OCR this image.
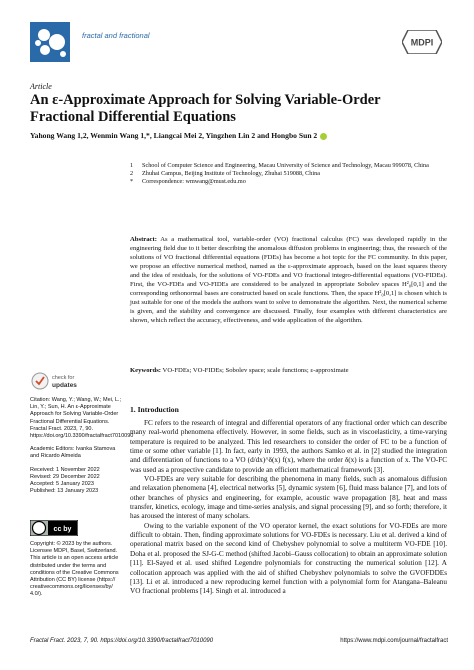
fractal and fractional
MDPI
Article
An ε-Approximate Approach for Solving Variable-Order Fractional Differential Equations
Yahong Wang 1,2, Wenmin Wang 1,*, Liangcai Mei 2, Yingzhen Lin 2 and Hongbo Sun 2
1	School of Computer Science and Engineering, Macau University of Science and Technology, Macau 999078, China
2	Zhuhai Campus, Beijing Institute of Technology, Zhuhai 519088, China
*	Correspondence: wmwang@must.edu.mo
Abstract: As a mathematical tool, variable-order (VO) fractional calculus (FC) was developed rapidly in the engineering field due to it better describing the anomalous diffusion problems in engineering; thus, the research of the solutions of VO fractional differential equations (FDEs) has become a hot topic for the FC community. In this paper, we propose an effective numerical method, named as the ε-approximate approach, based on the least squares theory and the idea of residuals, for the solutions of VO-FDEs and VO fractional integro-differential equations (VO-FIDEs). First, the VO-FDEs and VO-FIDEs are considered to be analyzed in appropriate Sobolev spaces H²₀[0,1] and the corresponding orthonormal bases are constructed based on scale functions. Then, the space H²₀[0,1] is chosen which is just suitable for one of the models the authors want to solve to demonstrate the algorithm. Next, the numerical scheme is given, and the stability and convergence are discussed. Finally, four examples with different characteristics are shown, which reflect the accuracy, effectiveness, and wide application of the algorithm.
Keywords: VO-FDEs; VO-FIDEs; Sobolev space; scale functions; ε-approximate
check for
updates
Citation: Wang, Y.; Wang, W.; Mei, L.; Lin, Y.; Sun, H. An ε-Approximate Approach for Solving Variable-Order Fractional Differential Equations. Fractal Fract. 2023, 7, 90. https://doi.org/10.3390/fractalfract7010090
Academic Editors: Ivanka Stamova and Ricardo Almeida
Received: 1 November 2022
Revised: 29 December 2022
Accepted: 5 January 2023
Published: 13 January 2023
cc by
Copyright: © 2023 by the authors. Licensee MDPI, Basel, Switzerland. This article is an open access article distributed under the terms and conditions of the Creative Commons Attribution (CC BY) license (https:// creativecommons.org/licenses/by/ 4.0/).
1. Introduction

FC refers to the research of integral and differential operators of any fractional order which can describe many real-world phenomena effectively. However, in some fields, such as in viscoelasticity, a time-varying temperature is required to be analyzed. This led researchers to consider the order of FC to be a function of time or some other variable [1]. In fact, early in 1993, the authors Samko et al. in [2] studied the integration and differentiation of functions to a VO (d/dx)^δ(x) f(x), where the order δ(x) is a function of x. The VO-FC was used as a prospective candidate to provide an efficient mathematical framework [3].

VO-FDEs are very suitable for describing the phenomena in many fields, such as anomalous diffusion and relaxation phenomena [4], electrical networks [5], dynamic system [6], fluid mass balance [7], and lots of other branches of physics and engineering, for example, acoustic wave propagation [8], heat and mass transfer, kinetics, ecology, image and time-series analysis, and signal processing [9], and so forth; therefore, it has aroused the interest of many scholars.

Owing to the variable exponent of the VO operator kernel, the exact solutions for VO-FDEs are more difficult to obtain. Then, finding approximate solutions for VO-FDEs is necessary. Liu et al. derived a kind of operational matrix based on the second kind of Chebyshev polynomial to solve a multiterm VO-FDE [10]. Doha et al. proposed the SJ-G-C method (shifted Jacobi–Gauss collocation) to obtain an approximate solution [11]. El-Sayed et al. used shifted Legendre polynomials for constructing the numerical solution [12]. A collocation approach was applied with the aid of shifted Chebyshev polynomials to solve the GVOFDDEs [13]. Li et al. introduced a new reproducing kernel function with a polynomial form for Atangana–Baleanu VO fractional problems [14]. Singh et al. introduced a

Fractal Fract. 2023, 7, 90. https://doi.org/10.3390/fractalfract7010090	https://www.mdpi.com/journal/fractalfract
